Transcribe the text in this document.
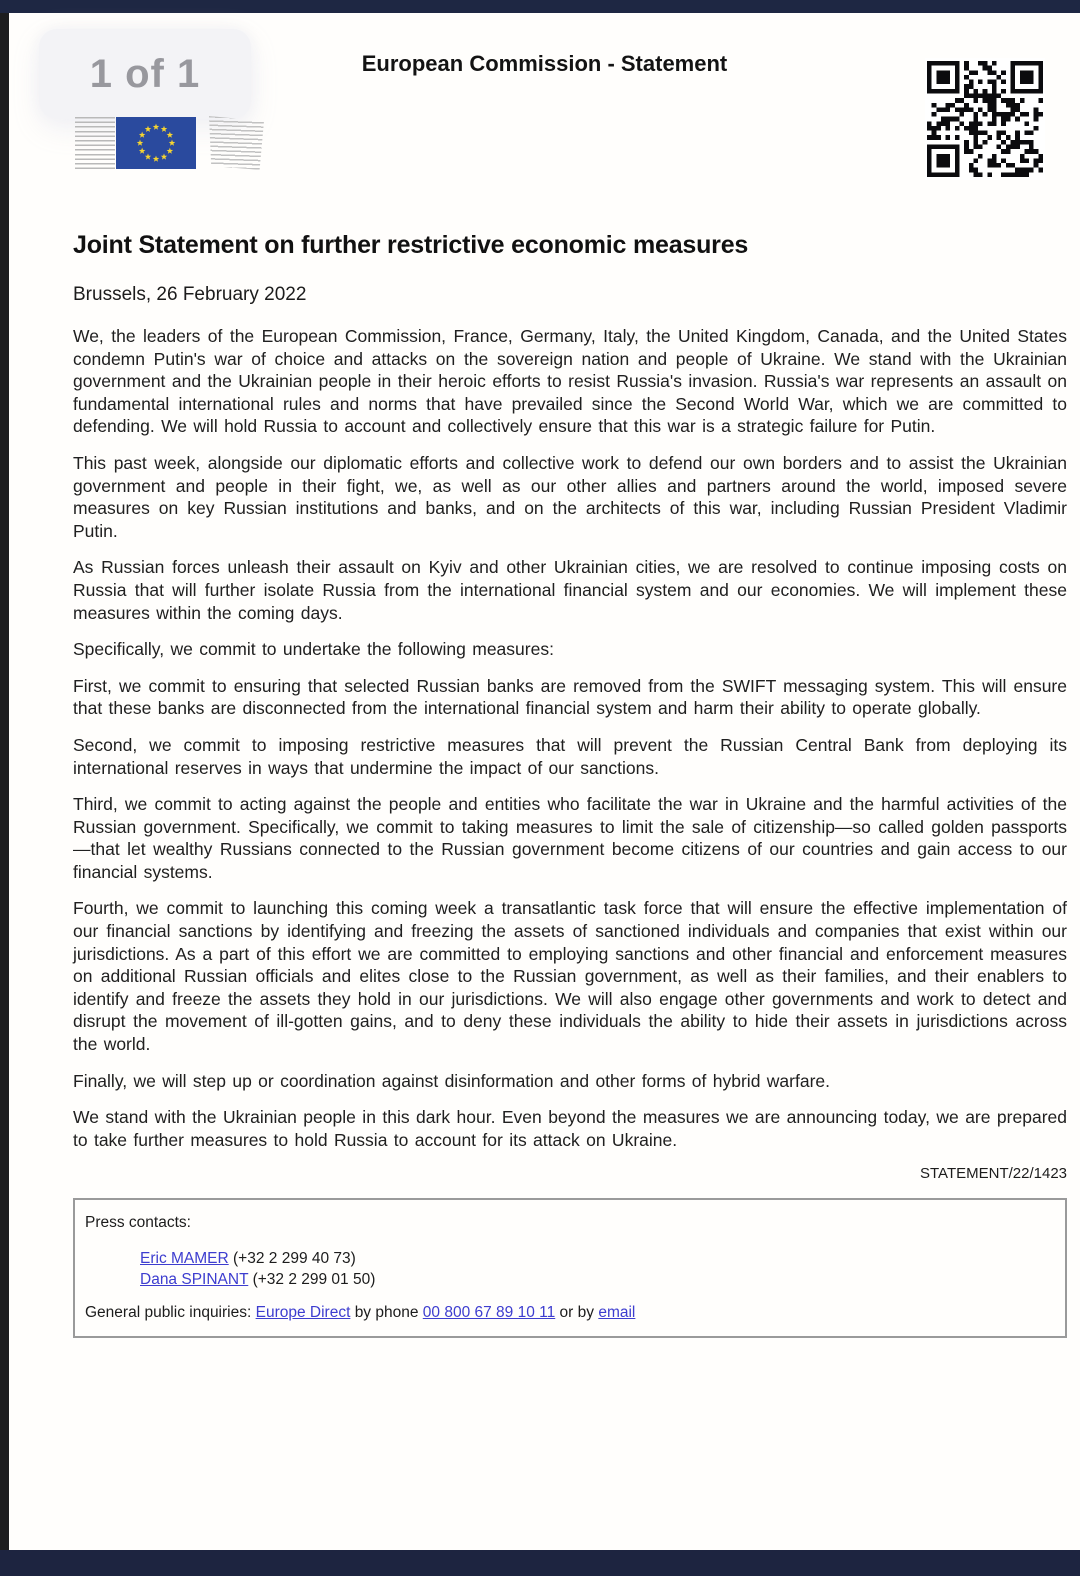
1 of 1	European Commission - Statement
Joint Statement on further restrictive economic measures
Brussels, 26 February 2022

We, the leaders of the European Commission, France, Germany, Italy, the United Kingdom, Canada, and the United States condemn Putin's war of choice and attacks on the sovereign nation and people of Ukraine. We stand with the Ukrainian government and the Ukrainian people in their heroic efforts to resist Russia's invasion. Russia's war represents an assault on fundamental international rules and norms that have prevailed since the Second World War, which we are committed to defending. We will hold Russia to account and collectively ensure that this war is a strategic failure for Putin.

This past week, alongside our diplomatic efforts and collective work to defend our own borders and to assist the Ukrainian government and people in their fight, we, as well as our other allies and partners around the world, imposed severe measures on key Russian institutions and banks, and on the architects of this war, including Russian President Vladimir Putin.

As Russian forces unleash their assault on Kyiv and other Ukrainian cities, we are resolved to continue imposing costs on Russia that will further isolate Russia from the international financial system and our economies. We will implement these measures within the coming days.

Specifically, we commit to undertake the following measures:

First, we commit to ensuring that selected Russian banks are removed from the SWIFT messaging system. This will ensure that these banks are disconnected from the international financial system and harm their ability to operate globally.

Second, we commit to imposing restrictive measures that will prevent the Russian Central Bank from deploying its international reserves in ways that undermine the impact of our sanctions.

Third, we commit to acting against the people and entities who facilitate the war in Ukraine and the harmful activities of the Russian government. Specifically, we commit to taking measures to limit the sale of citizenship—so called golden passports—that let wealthy Russians connected to the Russian government become citizens of our countries and gain access to our financial systems.

Fourth, we commit to launching this coming week a transatlantic task force that will ensure the effective implementation of our financial sanctions by identifying and freezing the assets of sanctioned individuals and companies that exist within our jurisdictions. As a part of this effort we are committed to employing sanctions and other financial and enforcement measures on additional Russian officials and elites close to the Russian government, as well as their families, and their enablers to identify and freeze the assets they hold in our jurisdictions. We will also engage other governments and work to detect and disrupt the movement of ill-gotten gains, and to deny these individuals the ability to hide their assets in jurisdictions across the world.

Finally, we will step up or coordination against disinformation and other forms of hybrid warfare.

We stand with the Ukrainian people in this dark hour. Even beyond the measures we are announcing today, we are prepared to take further measures to hold Russia to account for its attack on Ukraine.

STATEMENT/22/1423
Press contacts:
Eric MAMER (+32 2 299 40 73)
Dana SPINANT (+32 2 299 01 50)
General public inquiries: Europe Direct by phone 00 800 67 89 10 11 or by email
